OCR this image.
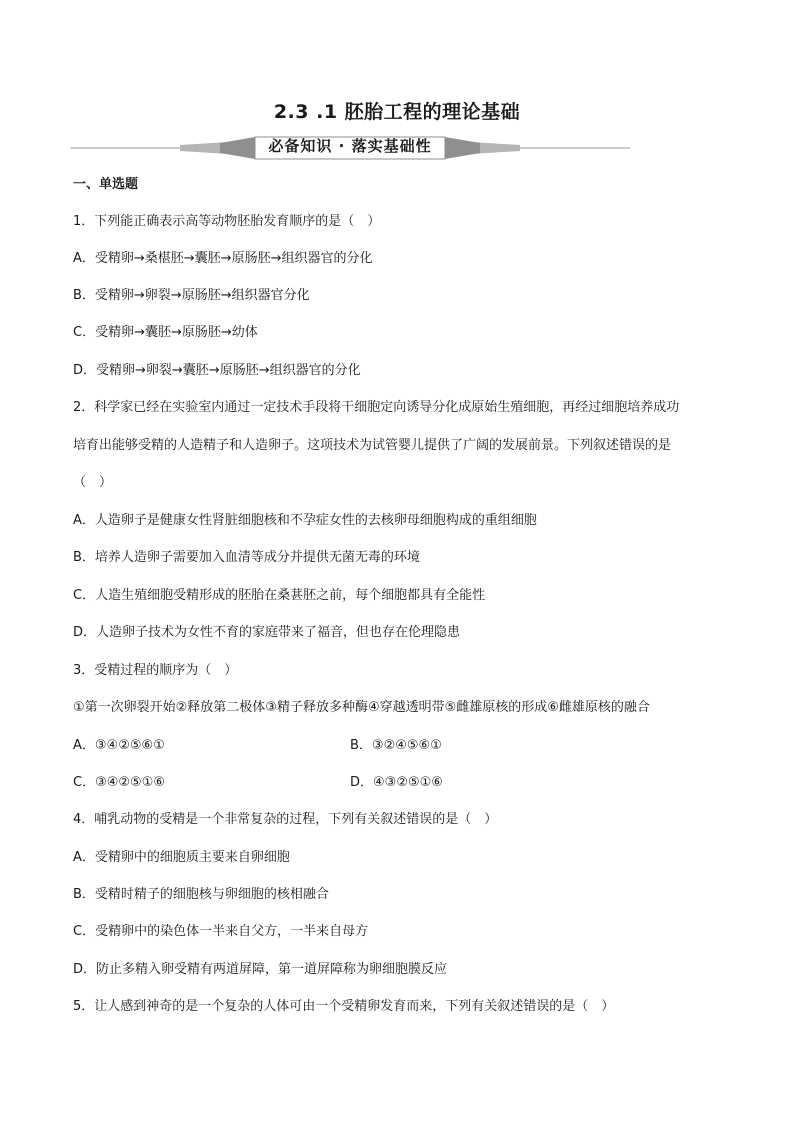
2.3 .1 胚胎工程的理论基础
必备知识 · 落实基础性
一、单选题
1．下列能正确表示高等动物胚胎发育顺序的是（　）
A．受精卵→桑椹胚→囊胚→原肠胚→组织器官的分化
B．受精卵→卵裂→原肠胚→组织器官分化
C．受精卵→囊胚→原肠胚→幼体
D．受精卵→卵裂→囊胚→原肠胚→组织器官的分化
2．科学家已经在实验室内通过一定技术手段将干细胞定向诱导分化成原始生殖细胞，再经过细胞培养成功
培育出能够受精的人造精子和人造卵子。这项技术为试管婴儿提供了广阔的发展前景。下列叙述错误的是
（　）
A．人造卵子是健康女性肾脏细胞核和不孕症女性的去核卵母细胞构成的重组细胞
B．培养人造卵子需要加入血清等成分并提供无菌无毒的环境
C．人造生殖细胞受精形成的胚胎在桑葚胚之前，每个细胞都具有全能性
D．人造卵子技术为女性不育的家庭带来了福音，但也存在伦理隐患
3．受精过程的顺序为（　）
①第一次卵裂开始②释放第二极体③精子释放多种酶④穿越透明带⑤雌雄原核的形成⑥雌雄原核的融合
A．③④②⑤⑥①	B．③②④⑤⑥①
C．③④②⑤①⑥	D．④③②⑤①⑥
4．哺乳动物的受精是一个非常复杂的过程，下列有关叙述错误的是（　）
A．受精卵中的细胞质主要来自卵细胞
B．受精时精子的细胞核与卵细胞的核相融合
C．受精卵中的染色体一半来自父方，一半来自母方
D．防止多精入卵受精有两道屏障，第一道屏障称为卵细胞膜反应
5．让人感到神奇的是一个复杂的人体可由一个受精卵发育而来，下列有关叙述错误的是（　）
